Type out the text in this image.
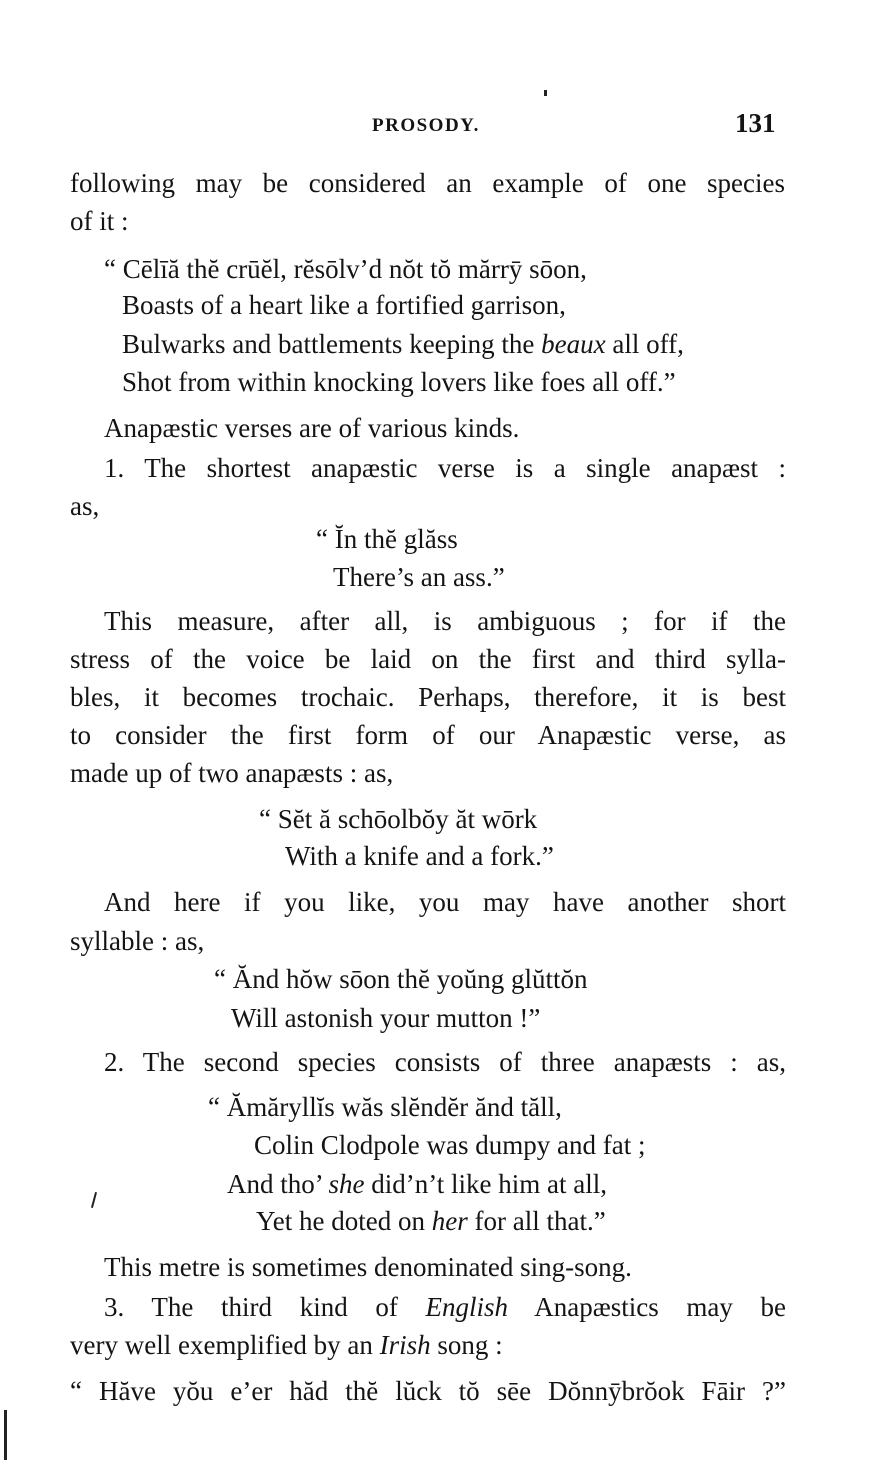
PROSODY.	131
following may be considered an example of one species
of it :
“ Cēlīă thĕ crūĕl, rĕsōlv’d nŏt tŏ mărrȳ sōon,
Boasts of a heart like a fortified garrison,
Bulwarks and battlements keeping the beaux all off,
Shot from within knocking lovers like foes all off.”
Anapæstic verses are of various kinds.
1. The shortest anapæstic verse is a single anapæst :
as,
“ Ĭn thĕ glăss
There’s an ass.”
This measure, after all, is ambiguous ; for if the
stress of the voice be laid on the first and third sylla-
bles, it becomes trochaic. Perhaps, therefore, it is best
to consider the first form of our Anapæstic verse, as
made up of two anapæsts : as,
“ Sĕt ă schōolbŏy ăt wōrk
With a knife and a fork.”
And here if you like, you may have another short
syllable : as,
“ Ănd hŏw sōon thĕ yoŭng glŭttŏn
Will astonish your mutton !”
2. The second species consists of three anapæsts : as,
“ Ămăryllĭs wăs slĕndĕr ănd tăll,
Colin Clodpole was dumpy and fat ;
And tho’ she did’n’t like him at all,
Yet he doted on her for all that.”
This metre is sometimes denominated sing-song.
3. The third kind of English Anapæstics may be
very well exemplified by an Irish song :
“ Hăve yŏu e’er hăd thĕ lŭck tŏ sēe Dŏnnȳbrŏok Fāir ?”
